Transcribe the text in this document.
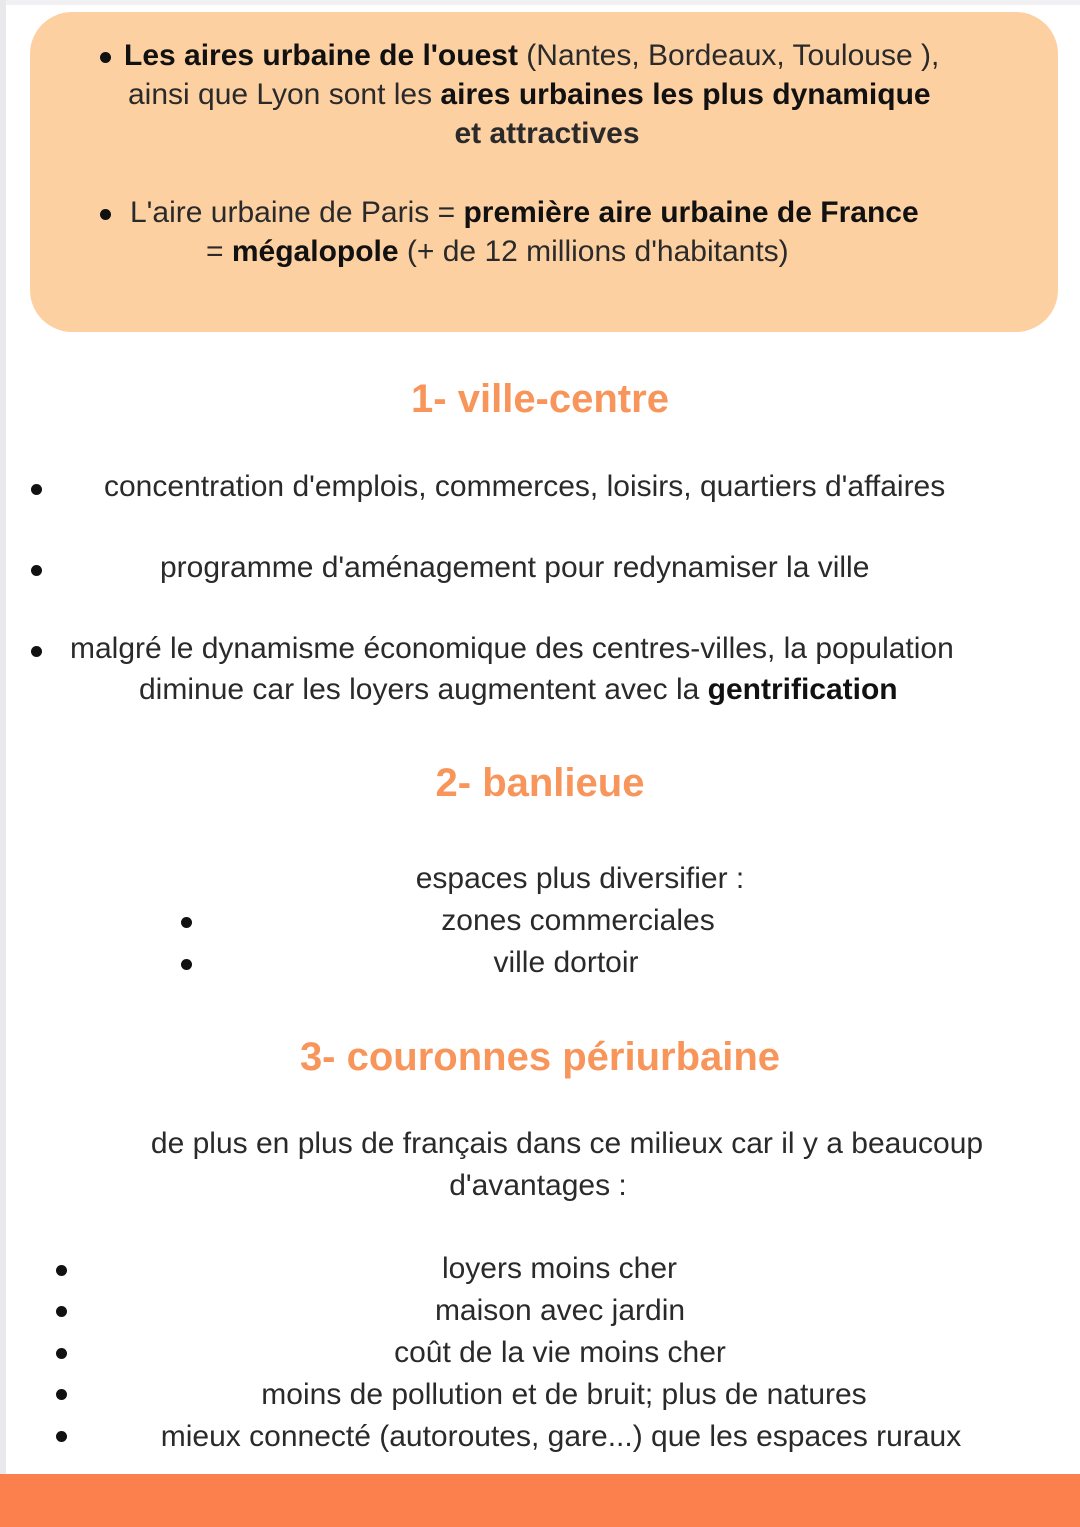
Les aires urbaine de l'ouest (Nantes, Bordeaux, Toulouse ),
ainsi que Lyon sont les aires urbaines les plus dynamique
et attractives
L'aire urbaine de Paris = première aire urbaine de France
= mégalopole (+ de 12 millions d'habitants)
1- ville-centre
concentration d'emplois, commerces, loisirs, quartiers d'affaires
programme d'aménagement pour redynamiser la ville
malgré le dynamisme économique des centres-villes, la population
diminue car les loyers augmentent avec la gentrification
2- banlieue
espaces plus diversifier :
zones commerciales
ville dortoir
3- couronnes périurbaine
de plus en plus de français dans ce milieux car il y a beaucoup
d'avantages :
loyers moins cher
maison avec jardin
coût de la vie moins cher
moins de pollution et de bruit; plus de natures
mieux connecté (autoroutes, gare...) que les espaces ruraux
